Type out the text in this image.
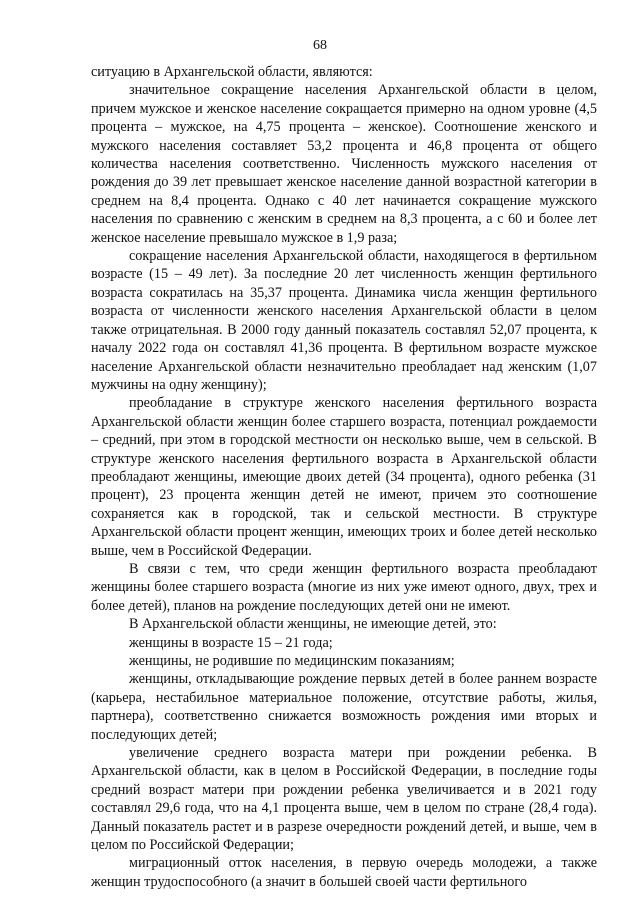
68

ситуацию в Архангельской области, являются:

значительное сокращение населения Архангельской области в целом, причем мужское и женское население сокращается примерно на одном уровне (4,5 процента – мужское, на 4,75 процента – женское). Соотношение женского и мужского населения составляет 53,2 процента и 46,8 процента от общего количества населения соответственно. Численность мужского населения от рождения до 39 лет превышает женское население данной возрастной категории в среднем на 8,4 процента. Однако с 40 лет начинается сокращение мужского населения по сравнению с женским в среднем на 8,3 процента, а с 60 и более лет женское население превышало мужское в 1,9 раза;

сокращение населения Архангельской области, находящегося в фертильном возрасте (15 – 49 лет). За последние 20 лет численность женщин фертильного возраста сократилась на 35,37 процента. Динамика числа женщин фертильного возраста от численности женского населения Архангельской области в целом также отрицательная. В 2000 году данный показатель составлял 52,07 процента, к началу 2022 года он составлял 41,36 процента. В фертильном возрасте мужское население Архангельской области незначительно преобладает над женским (1,07 мужчины на одну женщину);

преобладание в структуре женского населения фертильного возраста Архангельской области женщин более старшего возраста, потенциал рождаемости – средний, при этом в городской местности он несколько выше, чем в сельской. В структуре женского населения фертильного возраста в Архангельской области преобладают женщины, имеющие двоих детей (34 процента), одного ребенка (31 процент), 23 процента женщин детей не имеют, причем это соотношение сохраняется как в городской, так и сельской местности. В структуре Архангельской области процент женщин, имеющих троих и более детей несколько выше, чем в Российской Федерации.

В связи с тем, что среди женщин фертильного возраста преобладают женщины более старшего возраста (многие из них уже имеют одного, двух, трех и более детей), планов на рождение последующих детей они не имеют.

В Архангельской области женщины, не имеющие детей, это:

женщины в возрасте 15 – 21 года;

женщины, не родившие по медицинским показаниям;

женщины, откладывающие рождение первых детей в более раннем возрасте (карьера, нестабильное материальное положение, отсутствие работы, жилья, партнера), соответственно снижается возможность рождения ими вторых и последующих детей;

увеличение среднего возраста матери при рождении ребенка. В Архангельской области, как в целом в Российской Федерации, в последние годы средний возраст матери при рождении ребенка увеличивается и в 2021 году составлял 29,6 года, что на 4,1 процента выше, чем в целом по стране (28,4 года). Данный показатель растет и в разрезе очередности рождений детей, и выше, чем в целом по Российской Федерации;

миграционный отток населения, в первую очередь молодежи, а также женщин трудоспособного (а значит в большей своей части фертильного
